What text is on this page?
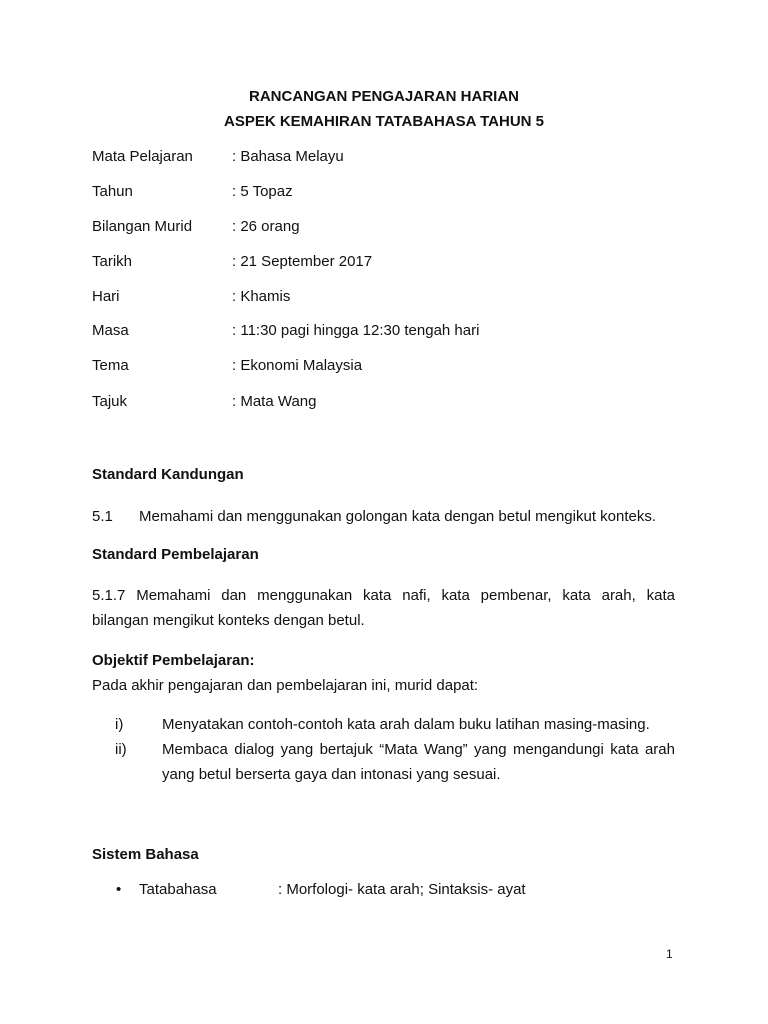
RANCANGAN PENGAJARAN HARIAN
ASPEK KEMAHIRAN TATABAHASA TAHUN 5
Mata Pelajaran	: Bahasa Melayu
Tahun	: 5 Topaz
Bilangan Murid	: 26 orang
Tarikh	: 21 September 2017
Hari	: Khamis
Masa	: 11:30 pagi hingga 12:30 tengah hari
Tema	: Ekonomi Malaysia
Tajuk	: Mata Wang
Standard Kandungan
5.1 Memahami dan menggunakan golongan kata dengan betul mengikut konteks.
Standard Pembelajaran
5.1.7 Memahami dan menggunakan kata nafi, kata pembenar, kata arah, kata
bilangan mengikut konteks dengan betul.
Objektif Pembelajaran:
Pada akhir pengajaran dan pembelajaran ini, murid dapat:
i)	Menyatakan contoh-contoh kata arah dalam buku latihan masing-masing.
ii) Membaca dialog yang bertajuk “Mata Wang” yang mengandungi kata arah
yang betul berserta gaya dan intonasi yang sesuai.
Sistem Bahasa
• Tatabahasa	: Morfologi- kata arah; Sintaksis- ayat
1
